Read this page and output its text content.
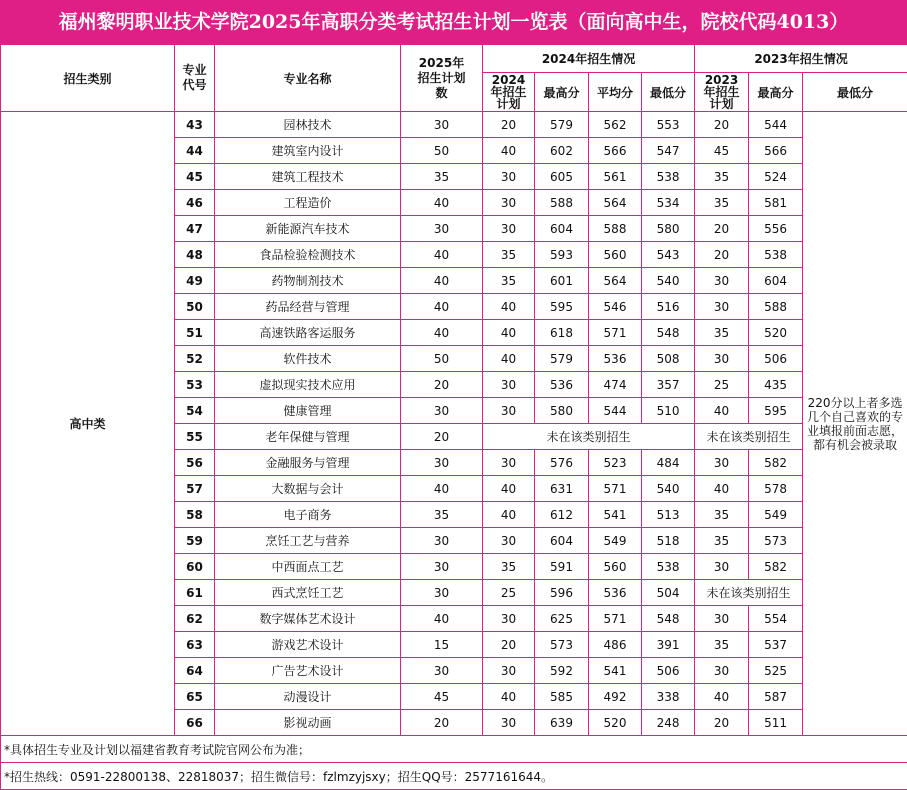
福州黎明职业技术学院2025年高职分类考试招生计划一览表（面向高中生，院校代码4013）
招生类别	专业代号	专业名称	2025年招生计划数	2024年招生情况				2023年招生情况		

				2024年招生计划	最高分	平均分	最低分	2023年招生计划	最高分	最低分
高中类	43	园林技术	30	20	579	562	553	20	544	220分以上者多选几个自己喜欢的专业填报前面志愿，都有机会被录取
	44	建筑室内设计	50	40	602	566	547	45	566	
	45	建筑工程技术	35	30	605	561	538	35	524	
	46	工程造价	40	30	588	564	534	35	581	
	47	新能源汽车技术	30	30	604	588	580	20	556	
	48	食品检验检测技术	40	35	593	560	543	20	538	
	49	药物制剂技术	40	35	601	564	540	30	604	
	50	药品经营与管理	40	40	595	546	516	30	588	
	51	高速铁路客运服务	40	40	618	571	548	35	520	
	52	软件技术	50	40	579	536	508	30	506	
	53	虚拟现实技术应用	20	30	536	474	357	25	435	
	54	健康管理	30	30	580	544	510	40	595	
	55	老年保健与管理	20	未在该类别招生				未在该类别招生		
	56	金融服务与管理	30	30	576	523	484	30	582	
	57	大数据与会计	40	40	631	571	540	40	578	
	58	电子商务	35	40	612	541	513	35	549	
	59	烹饪工艺与营养	30	30	604	549	518	35	573	
	60	中西面点工艺	30	35	591	560	538	30	582	
	61	西式烹饪工艺	30	25	596	536	504	未在该类别招生		
	62	数字媒体艺术设计	40	30	625	571	548	30	554	
	63	游戏艺术设计	15	20	573	486	391	35	537	
	64	广告艺术设计	30	30	592	541	506	30	525	
	65	动漫设计	45	40	585	492	338	40	587	
	66	影视动画	20	30	639	520	248	20	511	
*具体招生专业及计划以福建省教育考试院官网公布为准；										
*招生热线：0591-22800138、22818037；招生微信号：fzlmzyjsxy；招生QQ号：2577161644。										
